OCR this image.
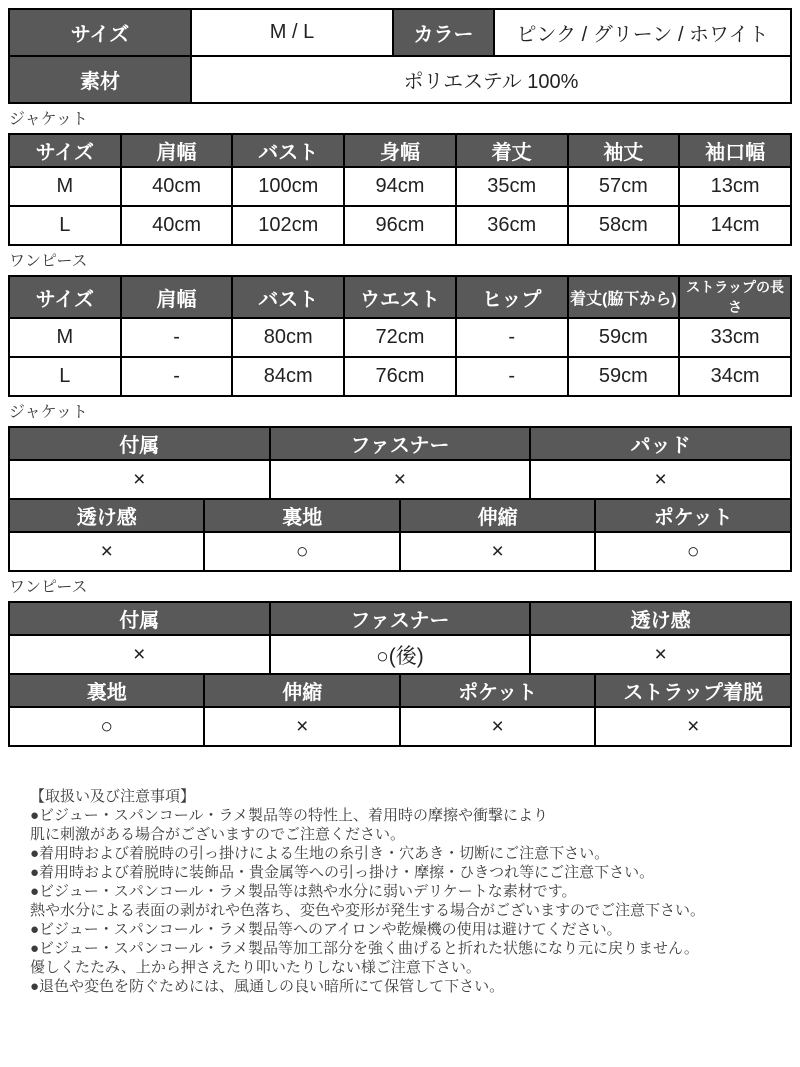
サイズ	M / L	カラー	ピンク / グリーン / ホワイト
素材	ポリエステル 100%		
ジャケット
サイズ	肩幅	バスト	身幅	着丈	袖丈	袖口幅
M	40cm	100cm	94cm	35cm	57cm	13cm
L	40cm	102cm	96cm	36cm	58cm	14cm
ワンピース
サイズ	肩幅	バスト	ウエスト	ヒップ	着丈(脇下から)	ストラップの長さ
M	-	80cm	72cm	-	59cm	33cm
L	-	84cm	76cm	-	59cm	34cm
ジャケット
付属		ファスナー		パッド	
×		×		×	
透け感	裏地		伸縮		ポケット
×	○		×		○
ワンピース
付属		ファスナー		透け感	
×		○(後)		×	
裏地	伸縮		ポケット		ストラップ着脱
○	×		×		×
【取扱い及び注意事項】
●ビジュー・スパンコール・ラメ製品等の特性上、着用時の摩擦や衝撃により
肌に刺激がある場合がございますのでご注意ください。
●着用時および着脱時の引っ掛けによる生地の糸引き・穴あき・切断にご注意下さい。
●着用時および着脱時に装飾品・貴金属等への引っ掛け・摩擦・ひきつれ等にご注意下さい。
●ビジュー・スパンコール・ラメ製品等は熱や水分に弱いデリケートな素材です。
熱や水分による表面の剥がれや色落ち、変色や変形が発生する場合がございますのでご注意下さい。
●ビジュー・スパンコール・ラメ製品等へのアイロンや乾燥機の使用は避けてください。
●ビジュー・スパンコール・ラメ製品等加工部分を強く曲げると折れた状態になり元に戻りません。
優しくたたみ、上から押さえたり叩いたりしない様ご注意下さい。
●退色や変色を防ぐためには、風通しの良い暗所にて保管して下さい。
